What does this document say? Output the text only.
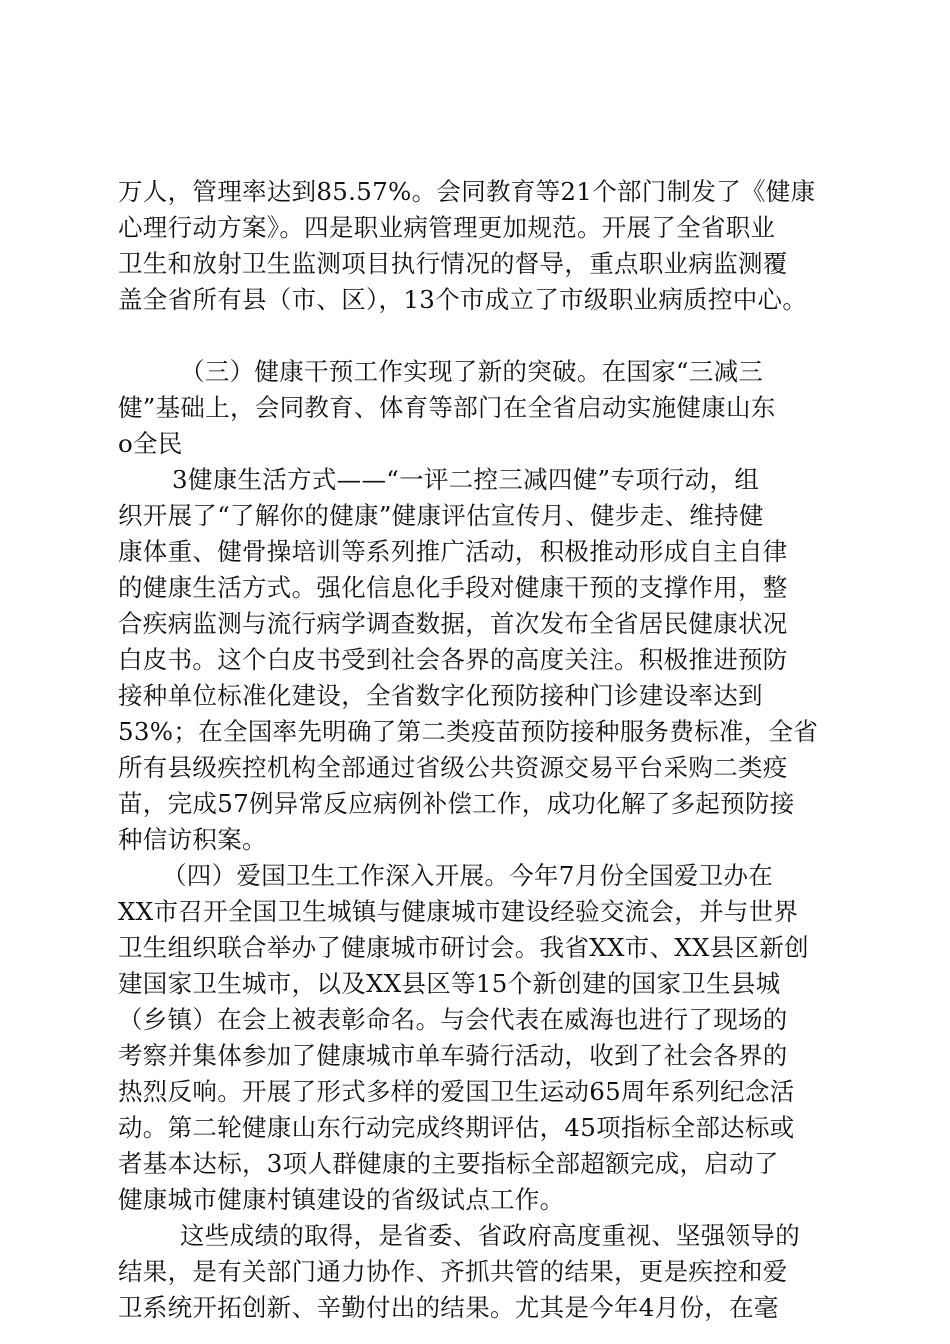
万人，管理率达到85.57%。会同教育等21个部门制发了《健康
心理行动方案》。四是职业病管理更加规范。开展了全省职业
卫生和放射卫生监测项目执行情况的督导，重点职业病监测覆
盖全省所有县（市、区），13个市成立了市级职业病质控中心。
（三）健康干预工作实现了新的突破。在国家“三减三
健”基础上，会同教育、体育等部门在全省启动实施健康山东
o全民
3健康生活方式——“一评二控三减四健”专项行动，组
织开展了“了解你的健康”健康评估宣传月、健步走、维持健
康体重、健骨操培训等系列推广活动，积极推动形成自主自律
的健康生活方式。强化信息化手段对健康干预的支撑作用，整
合疾病监测与流行病学调查数据，首次发布全省居民健康状况
白皮书。这个白皮书受到社会各界的高度关注。积极推进预防
接种单位标准化建设，全省数字化预防接种门诊建设率达到
53%；在全国率先明确了第二类疫苗预防接种服务费标准，全省
所有县级疾控机构全部通过省级公共资源交易平台采购二类疫
苗，完成57例异常反应病例补偿工作，成功化解了多起预防接
种信访积案。
（四）爱国卫生工作深入开展。今年7月份全国爱卫办在
XX市召开全国卫生城镇与健康城市建设经验交流会，并与世界
卫生组织联合举办了健康城市研讨会。我省XX市、XX县区新创
建国家卫生城市，以及XX县区等15个新创建的国家卫生县城
（乡镇）在会上被表彰命名。与会代表在威海也进行了现场的
考察并集体参加了健康城市单车骑行活动，收到了社会各界的
热烈反响。开展了形式多样的爱国卫生运动65周年系列纪念活
动。第二轮健康山东行动完成终期评估，45项指标全部达标或
者基本达标，3项人群健康的主要指标全部超额完成，启动了
健康城市健康村镇建设的省级试点工作。
这些成绩的取得，是省委、省政府高度重视、坚强领导的
结果，是有关部门通力协作、齐抓共管的结果，更是疾控和爱
卫系统开拓创新、辛勤付出的结果。尤其是今年4月份，在毫
